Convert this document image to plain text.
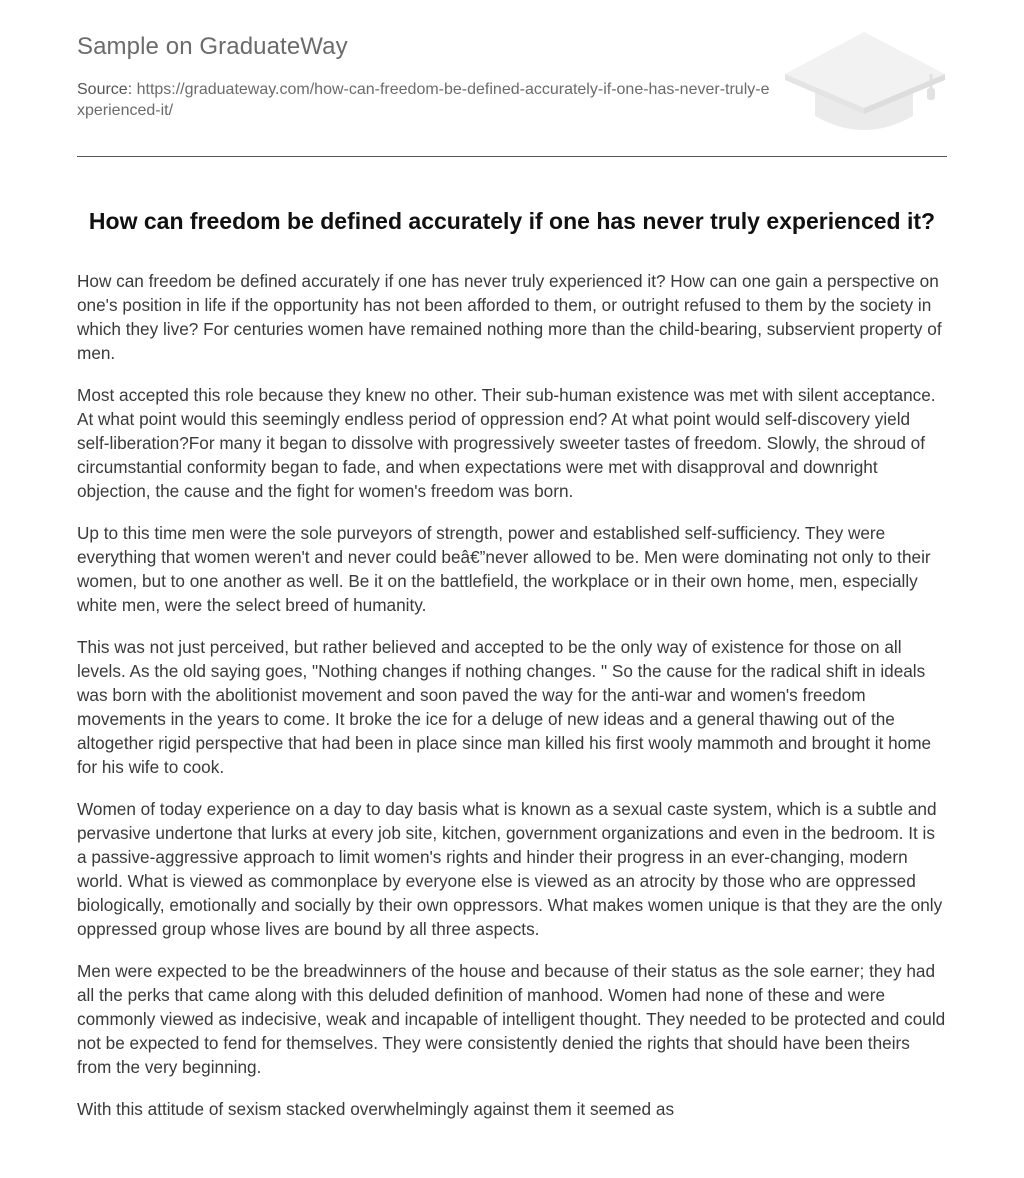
Sample on GraduateWay
Source: https://graduateway.com/how-can-freedom-be-defined-accurately-if-one-has-never-truly-experienced-it/
How can freedom be defined accurately if one has never truly experienced it?

How can freedom be defined accurately if one has never truly experienced it? How can one gain a perspective on one's position in life if the opportunity has not been afforded to them, or outright refused to them by the society in which they live? For centuries women have remained nothing more than the child-bearing, subservient property of men.

Most accepted this role because they knew no other. Their sub-human existence was met with silent acceptance. At what point would this seemingly endless period of oppression end? At what point would self-discovery yield self-liberation?For many it began to dissolve with progressively sweeter tastes of freedom. Slowly, the shroud of circumstantial conformity began to fade, and when expectations were met with disapproval and downright objection, the cause and the fight for women's freedom was born.

Up to this time men were the sole purveyors of strength, power and established self-sufficiency. They were everything that women weren't and never could beâ€”never allowed to be. Men were dominating not only to their women, but to one another as well. Be it on the battlefield, the workplace or in their own home, men, especially white men, were the select breed of humanity.

This was not just perceived, but rather believed and accepted to be the only way of existence for those on all levels. As the old saying goes, "Nothing changes if nothing changes. " So the cause for the radical shift in ideals was born with the abolitionist movement and soon paved the way for the anti-war and women's freedom movements in the years to come. It broke the ice for a deluge of new ideas and a general thawing out of the altogether rigid perspective that had been in place since man killed his first wooly mammoth and brought it home for his wife to cook.

Women of today experience on a day to day basis what is known as a sexual caste system, which is a subtle and pervasive undertone that lurks at every job site, kitchen, government organizations and even in the bedroom. It is a passive-aggressive approach to limit women's rights and hinder their progress in an ever-changing, modern world. What is viewed as commonplace by everyone else is viewed as an atrocity by those who are oppressed biologically, emotionally and socially by their own oppressors. What makes women unique is that they are the only oppressed group whose lives are bound by all three aspects.

Men were expected to be the breadwinners of the house and because of their status as the sole earner; they had all the perks that came along with this deluded definition of manhood. Women had none of these and were commonly viewed as indecisive, weak and incapable of intelligent thought. They needed to be protected and could not be expected to fend for themselves. They were consistently denied the rights that should have been theirs from the very beginning.

With this attitude of sexism stacked overwhelmingly against them it seemed as
